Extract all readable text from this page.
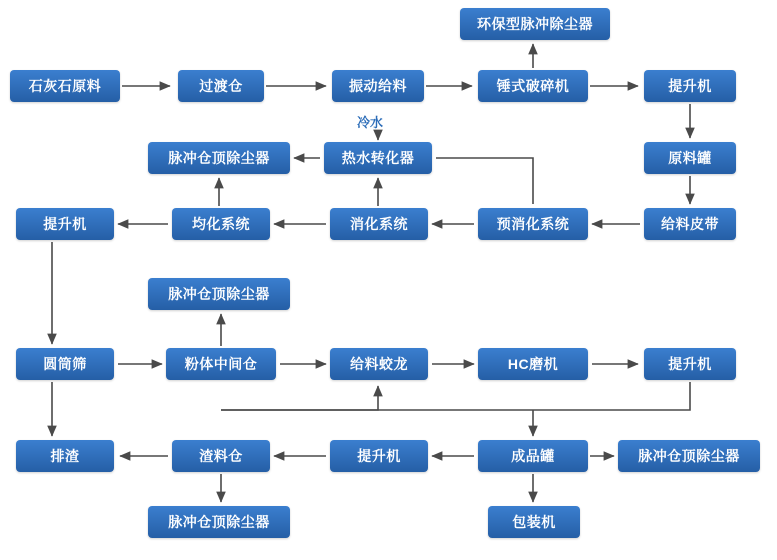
环保型脉冲除尘器
石灰石原料	过渡仓	振动给料	锤式破碎机	提升机
冷水
脉冲仓顶除尘器	热水转化器	原料罐
提升机	均化系统	消化系统	预消化系统	给料皮带
脉冲仓顶除尘器
圆筒筛	粉体中间仓	给料蛟龙	HC磨机	提升机
排渣	渣料仓	提升机	成品罐	脉冲仓顶除尘器
脉冲仓顶除尘器	包装机
